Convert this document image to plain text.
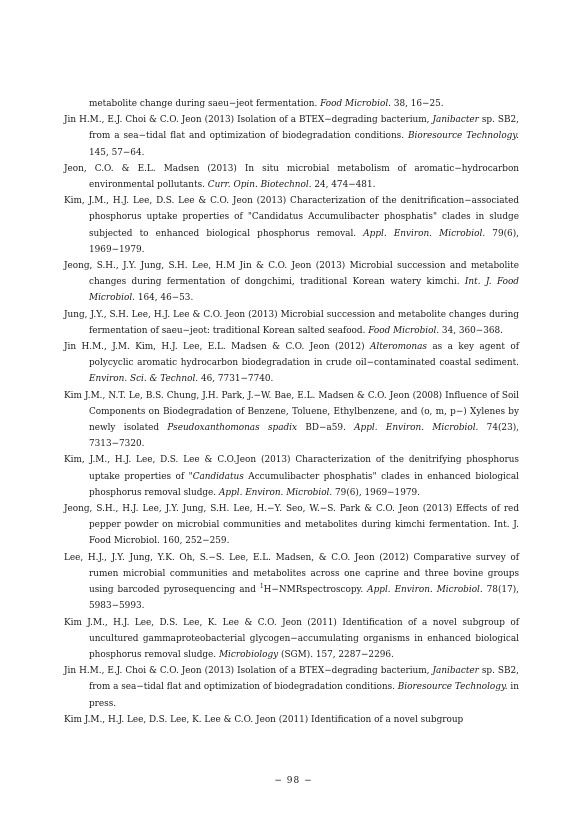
metabolite change during saeu−jeot fermentation. Food Microbiol. 38, 16−25.
Jin H.M., E.J. Choi & C.O. Jeon (2013) Isolation of a BTEX−degrading bacterium, Janibacter sp. SB2, from a sea−tidal flat and optimization of biodegradation conditions. Bioresource Technology. 145, 57−64.
Jeon, C.O. & E.L. Madsen (2013) In situ microbial metabolism of aromatic−hydrocarbon environmental pollutants. Curr. Opin. Biotechnol. 24, 474−481.
Kim, J.M., H.J. Lee, D.S. Lee & C.O. Jeon (2013) Characterization of the denitrification−associated phosphorus uptake properties of "Candidatus Accumulibacter phosphatis" clades in sludge subjected to enhanced biological phosphorus removal. Appl. Environ. Microbiol. 79(6), 1969−1979.
Jeong, S.H., J.Y. Jung, S.H. Lee, H.M Jin & C.O. Jeon (2013) Microbial succession and metabolite changes during fermentation of dongchimi, traditional Korean watery kimchi. Int. J. Food Microbiol. 164, 46−53.
Jung, J.Y., S.H. Lee, H.J. Lee & C.O. Jeon (2013) Microbial succession and metabolite changes during fermentation of saeu−jeot: traditional Korean salted seafood. Food Microbiol. 34, 360−368.
Jin H.M., J.M. Kim, H.J. Lee, E.L. Madsen & C.O. Jeon (2012) Alteromonas as a key agent of polycyclic aromatic hydrocarbon biodegradation in crude oil−contaminated coastal sediment. Environ. Sci. & Technol. 46, 7731−7740.
Kim J.M., N.T. Le, B.S. Chung, J.H. Park, J.−W. Bae, E.L. Madsen & C.O. Jeon (2008) Influence of Soil Components on Biodegradation of Benzene, Toluene, Ethylbenzene, and (o, m, p−) Xylenes by newly isolated Pseudoxanthomonas spadix BD−a59. Appl. Environ. Microbiol. 74(23), 7313−7320.
Kim, J.M., H.J. Lee, D.S. Lee & C.O.Jeon (2013) Characterization of the denitrifying phosphorus uptake properties of "Candidatus Accumulibacter phosphatis" clades in enhanced biological phosphorus removal sludge. Appl. Environ. Microbiol. 79(6), 1969−1979.
Jeong, S.H., H.J. Lee, J.Y. Jung, S.H. Lee, H.−Y. Seo, W.−S. Park & C.O. Jeon (2013) Effects of red pepper powder on microbial communities and metabolites during kimchi fermentation. Int. J. Food Microbiol. 160, 252−259.
Lee, H.J., J.Y. Jung, Y.K. Oh, S.−S. Lee, E.L. Madsen, & C.O. Jeon (2012) Comparative survey of rumen microbial communities and metabolites across one caprine and three bovine groups using barcoded pyrosequencing and $^1$H−NMRspectroscopy. Appl. Environ. Microbiol. 78(17), 5983−5993.
Kim J.M., H.J. Lee, D.S. Lee, K. Lee & C.O. Jeon (2011) Identification of a novel subgroup of uncultured gammaproteobacterial glycogen−accumulating organisms in enhanced biological phosphorus removal sludge. Microbiology (SGM). 157, 2287−2296.
Jin H.M., E.J. Choi & C.O. Jeon (2013) Isolation of a BTEX−degrading bacterium, Janibacter sp. SB2, from a sea−tidal flat and optimization of biodegradation conditions. Bioresource Technology. in press.
Kim J.M., H.J. Lee, D.S. Lee, K. Lee & C.O. Jeon (2011) Identification of a novel subgroup
− 98 −
